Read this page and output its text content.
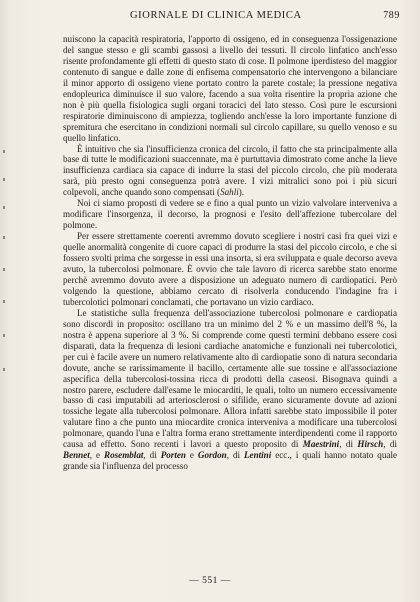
GIORNALE DI CLINICA MEDICA	789

nuiscono la capacità respiratoria, l'apporto di ossigeno, ed in conseguenza l'ossigenazione del sangue stesso e gli scambi gassosi a livello dei tessuti. Il circolo linfatico anch'esso risente profondamente gli effetti di questo stato di cose. Il polmone iperdisteso del maggior contenuto di sangue e dalle zone di enfisema compensatorio che intervengono a bilanciare il minor apporto di ossigeno viene portato contro la parete costale; la pressione negativa endopleurica diminuisce il suo valore, facendo a sua volta risentire la propria azione che non è più quella fisiologica sugli organi toracici del lato stesso. Così pure le escursioni respiratorie diminuiscono di ampiezza, togliendo anch'esse la loro importante funzione di spremitura che esercitano in condizioni normali sul circolo capillare, su quello venoso e su quello linfatico.

È intuitivo che sia l'insufficienza cronica del circolo, il fatto che sta principalmente alla base di tutte le modificazioni suaccennate, ma è purtuttavia dimostrato come anche la lieve insufficienza cardiaca sia capace di indurre la stasi del piccolo circolo, che più moderata sarà, più presto ogni conseguenza potrà avere. I vizi mitralici sono poi i più sicuri colpevoli, anche quando sono compensati (Sahli).

Noi ci siamo proposti di vedere se e fino a qual punto un vizio valvolare interveniva a modificare l'insorgenza, il decorso, la prognosi e l'esito dell'affezione tubercolare del polmone.

Per essere strettamente coerenti avremmo dovuto scegliere i nostri casi fra quei vizi e quelle anormalità congenite di cuore capaci di produrre la stasi del piccolo circolo, e che si fossero svolti prima che sorgesse in essi una insorta, si era sviluppata e quale decorso aveva avuto, la tubercolosi polmonare. È ovvio che tale lavoro di ricerca sarebbe stato enorme perchè avremmo dovuto avere a disposizione un adeguato numero di cardiopatici. Però volgendo la questione, abbiamo cercato di risolverla conducendo l'indagine fra i tubercolotici polmonari conclamati, che portavano un vizio cardiaco.

Le statistiche sulla frequenza dell'associazione tubercolosi polmonare e cardiopatia sono discordi in proposito: oscillano tra un minimo del 2 % e un massimo dell'8 %, la nostra è appena superiore al 3 %. Si comprende come questi termini debbano essere così disparati, data la frequenza di lesioni cardiache anatomiche e funzionali nei tubercolotici, per cui è facile avere un numero relativamente alto di cardiopatie sono di natura secondaria dovute, anche se rarissimamente il bacillo, certamente alle sue tossine e all'associazione aspecifica della tubercolosi-tossina ricca di prodotti della caseosi. Bisognava quindi a nostro parere, escludere dall'esame le miocarditi, le quali, tolto un numero eccessivamente basso di casi imputabili ad arteriosclerosi o sifilide, erano sicuramente dovute ad azioni tossiche legate alla tubercolosi polmonare. Allora infatti sarebbe stato impossibile il poter valutare fino a che punto una miocardite cronica interveniva a modificare una tubercolosi polmonare, quando l'una e l'altra forma erano strettamente interdipendenti come il rapporto causa ad effetto. Sono recenti i lavori a questo proposito di Maestrini, di Hirsch, di Bennet, e Rosemblat, di Porten e Gordon, di Lentini ecc., i quali hanno notato quale grande sia l'influenza del processo

— 551 —
